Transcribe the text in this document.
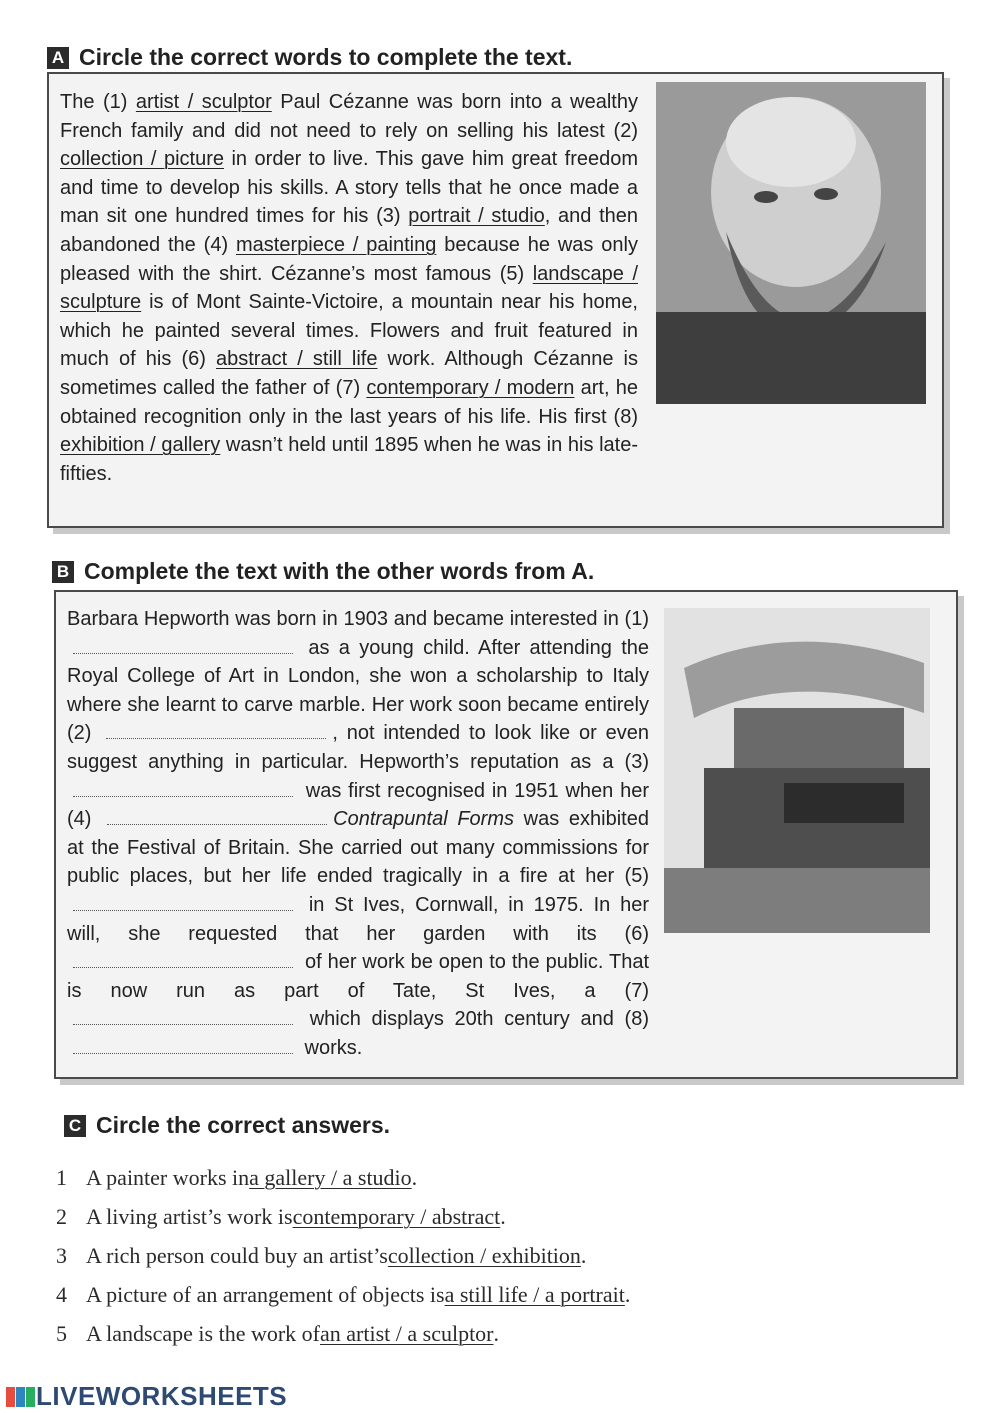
A Circle the correct words to complete the text.
The (1) artist / sculptor Paul Cézanne was born into a wealthy French family and did not need to rely on selling his latest (2) collection / picture in order to live. This gave him great freedom and time to develop his skills. A story tells that he once made a man sit one hundred times for his (3) portrait / studio, and then abandoned the (4) masterpiece / painting because he was only pleased with the shirt. Cézanne’s most famous (5) landscape / sculpture is of Mont Sainte-Victoire, a mountain near his home, which he painted several times. Flowers and fruit featured in much of his (6) abstract / still life work. Although Cézanne is sometimes called the father of (7) contemporary / modern art, he obtained recognition only in the last years of his life. His first (8) exhibition / gallery wasn’t held until 1895 when he was in his late-fifties.
B Complete the text with the other words from A.
Barbara Hepworth was born in 1903 and became interested in (1)  as a young child. After attending the Royal College of Art in London, she won a scholarship to Italy where she learnt to carve marble. Her work soon became entirely (2)	, not intended to look like or even suggest anything in particular. Hepworth’s reputation as a (3)  was first recognised in 1951 when her (4)	Contrapuntal Forms was exhibited at the Festival of Britain. She carried out many commissions for public places, but her life ended tragically in a fire at her (5)  in St Ives, Cornwall, in 1975. In her will, she requested that her garden with its (6)  of her work be open to the public. That is now run as part of Tate, St Ives, a (7)  which displays 20th century and (8)  works.
C Circle the correct answers.
1 A painter works in a gallery / a studio .
2 A living artist’s work is contemporary / abstract .
3 A rich person could buy an artist’s collection / exhibition .
4 A picture of an arrangement of objects is a still life / a portrait .
5 A landscape is the work of an artist / a sculptor .
LIVEWORKSHEETS
